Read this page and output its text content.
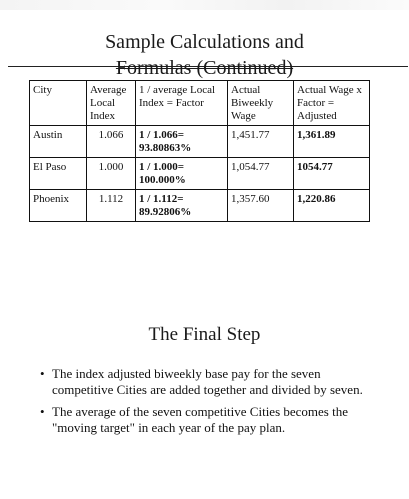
Sample Calculations and
Formulas (Continued)
City	Average Local Index	1 / average Local Index = Factor	Actual Biweekly Wage	Actual Wage x Factor = Adjusted
Austin	1.066	1 / 1.066= 93.80863%	1,451.77	1,361.89
El Paso	1.000	1 / 1.000= 100.000%	1,054.77	1054.77
Phoenix	1.112	1 / 1.112= 89.92806%	1,357.60	1,220.86
The Final Step
• The index adjusted biweekly base pay for the seven competitive Cities are added together and divided by seven.
• The average of the seven competitive Cities becomes the "moving target" in each year of the pay plan.
